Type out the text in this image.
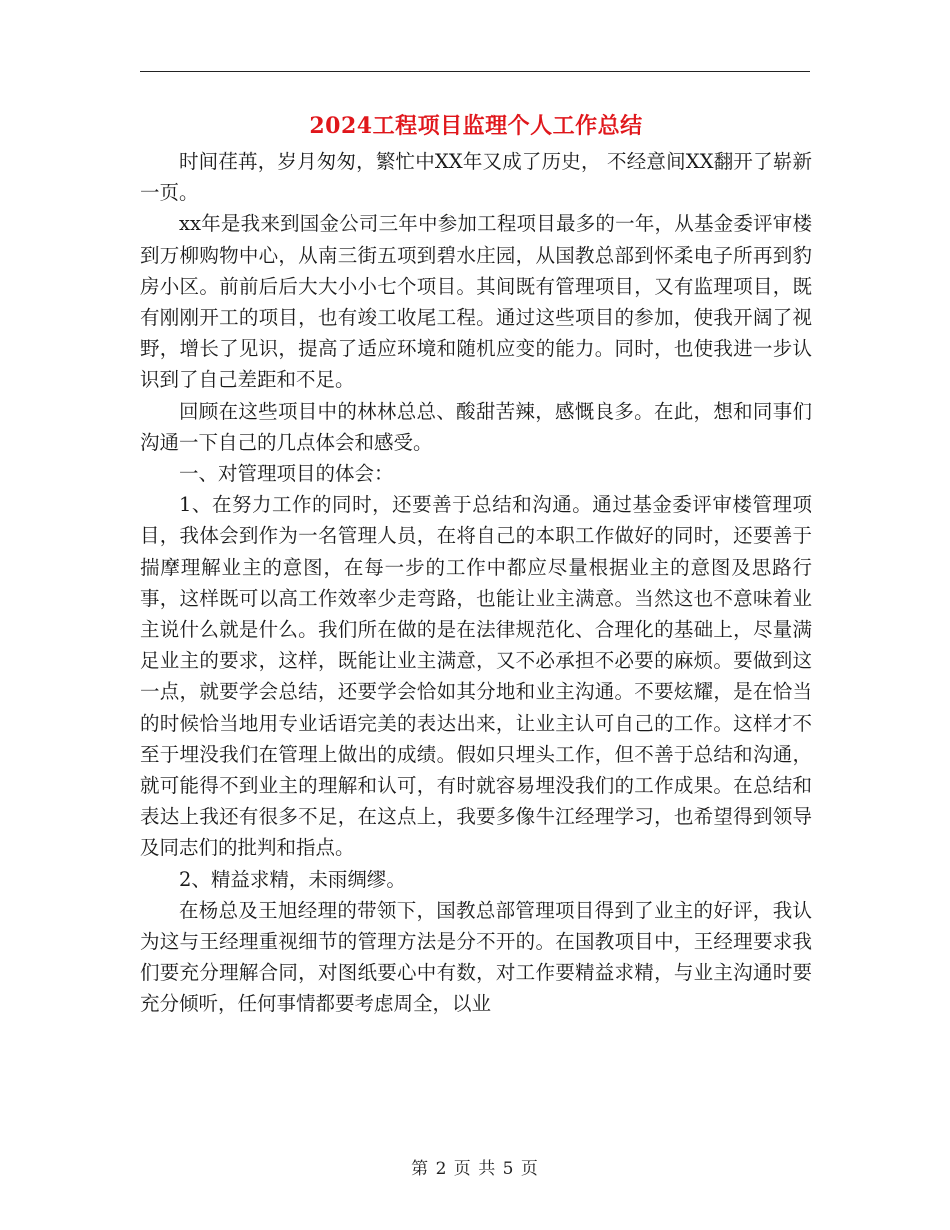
2024工程项目监理个人工作总结

时间荏苒，岁月匆匆，繁忙中XX年又成了历史， 不经意间XX翻开了崭新一页。

xx年是我来到国金公司三年中参加工程项目最多的一年，从基金委评审楼到万柳购物中心，从南三街五项到碧水庄园，从国教总部到怀柔电子所再到豹房小区。前前后后大大小小七个项目。其间既有管理项目，又有监理项目，既有刚刚开工的项目，也有竣工收尾工程。通过这些项目的参加，使我开阔了视野，增长了见识，提高了适应环境和随机应变的能力。同时，也使我进一步认识到了自己差距和不足。

回顾在这些项目中的林林总总、酸甜苦辣，感慨良多。在此，想和同事们沟通一下自己的几点体会和感受。

一、对管理项目的体会：

1、在努力工作的同时，还要善于总结和沟通。通过基金委评审楼管理项目，我体会到作为一名管理人员，在将自己的本职工作做好的同时，还要善于揣摩理解业主的意图，在每一步的工作中都应尽量根据业主的意图及思路行事，这样既可以高工作效率少走弯路，也能让业主满意。当然这也不意味着业主说什么就是什么。我们所在做的是在法律规范化、合理化的基础上，尽量满足业主的要求，这样，既能让业主满意，又不必承担不必要的麻烦。要做到这一点，就要学会总结，还要学会恰如其分地和业主沟通。不要炫耀，是在恰当的时候恰当地用专业话语完美的表达出来，让业主认可自己的工作。这样才不至于埋没我们在管理上做出的成绩。假如只埋头工作，但不善于总结和沟通，就可能得不到业主的理解和认可，有时就容易埋没我们的工作成果。在总结和表达上我还有很多不足，在这点上，我要多像牛江经理学习，也希望得到领导及同志们的批判和指点。

2、精益求精，未雨绸缪。

在杨总及王旭经理的带领下，国教总部管理项目得到了业主的好评，我认为这与王经理重视细节的管理方法是分不开的。在国教项目中，王经理要求我们要充分理解合同，对图纸要心中有数，对工作要精益求精，与业主沟通时要充分倾听，任何事情都要考虑周全，以业

第 2 页 共 5 页
